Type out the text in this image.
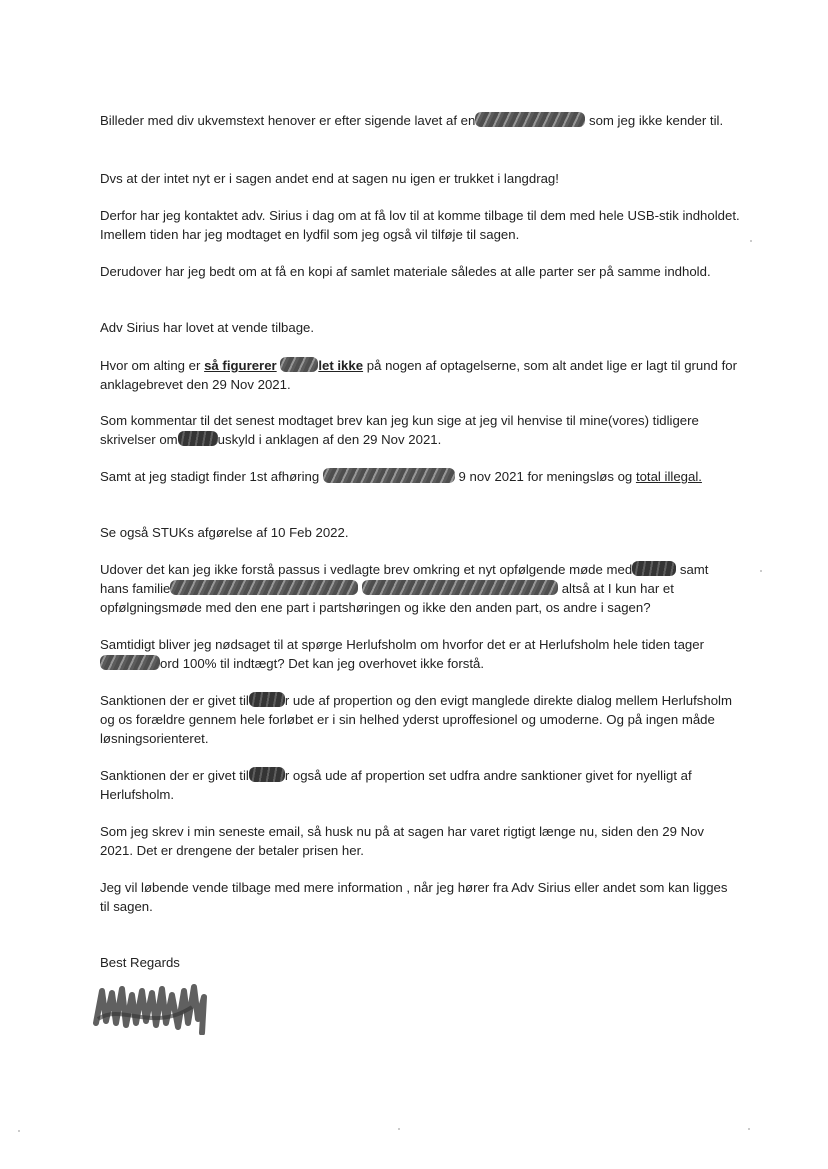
Billeder med div ukvemstext henover er efter sigende lavet af en	som jeg ikke kender til.

Dvs at der intet nyt er i sagen andet end at sagen nu igen er trukket i langdrag!

Derfor har jeg kontaktet adv. Sirius i dag om at få lov til at komme tilbage til dem med hele USB-stik indholdet. Imellem tiden har jeg modtaget en lydfil som jeg også vil tilføje til sagen.

Derudover har jeg bedt om at få en kopi af samlet materiale således at alle parter ser på samme indhold.

Adv Sirius har lovet at vende tilbage.

Hvor om alting er så figurerer	let ikke på nogen af optagelserne, som alt andet lige er lagt til grund for anklagebrevet den 29 Nov 2021.

Som kommentar til det senest modtaget brev kan jeg kun sige at jeg vil henvise til mine(vores) tidligere skrivelser om	uskyld i anklagen af den 29 Nov 2021.

Samt at jeg stadigt finder 1st afhøring	9 nov 2021 for meningsløs og total illegal.

Se også STUKs afgørelse af 10 Feb 2022.

Udover det kan jeg ikke forstå passus i vedlagte brev omkring et nyt opfølgende møde med	samt hans familie	altså at I kun har et opfølgningsmøde med den ene part i partshøringen og ikke den anden part, os andre i sagen?

Samtidigt bliver jeg nødsaget til at spørge Herlufsholm om hvorfor det er at Herlufsholm hele tiden tagerord 100% til indtægt? Det kan jeg overhovet ikke forstå.

Sanktionen der er givet til	r ude af propertion og den evigt manglede direkte dialog mellem Herlufsholm og os forældre gennem hele forløbet er i sin helhed yderst uproffesionel og umoderne. Og på ingen måde løsningsorienteret.

Sanktionen der er givet til	r også ude af propertion set udfra andre sanktioner givet for nyelligt af Herlufsholm.

Som jeg skrev i min seneste email, så husk nu på at sagen har varet rigtigt længe nu, siden den 29 Nov 2021. Det er drengene der betaler prisen her.

Jeg vil løbende vende tilbage med mere information , når jeg hører fra Adv Sirius eller andet som kan ligges til sagen.

Best Regards
